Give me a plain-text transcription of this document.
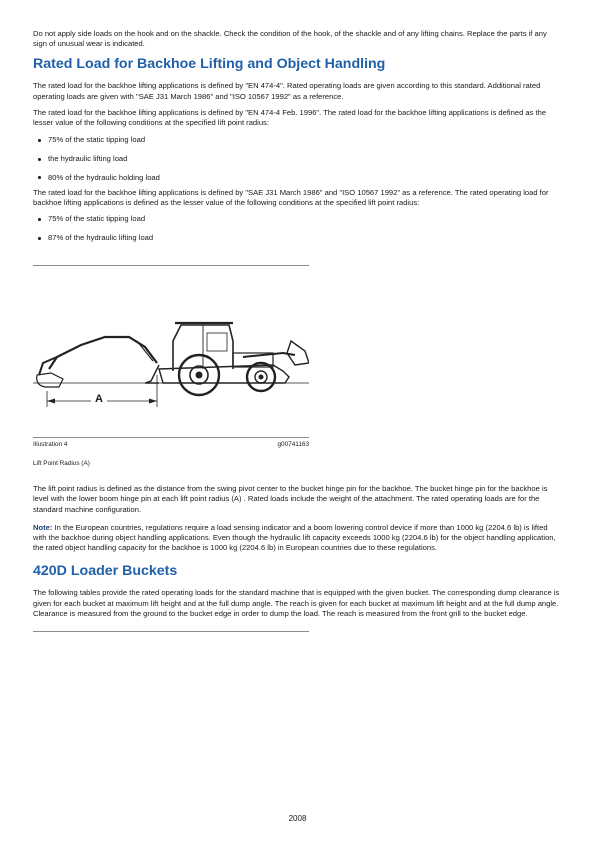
Do not apply side loads on the hook and on the shackle. Check the condition of the hook, of the shackle and of any lifting chains. Replace the parts if any sign of unusual wear is indicated.

Rated Load for Backhoe Lifting and Object Handling

The rated load for the backhoe lifting applications is defined by "EN 474-4". Rated operating loads are given according to this standard. Additional rated operating loads are given with "SAE J31 March 1986" and "ISO 10567 1992" as a reference.

The rated load for the backhoe lifting applications is defined by "EN 474-4 Feb. 1996". The rated load for the backhoe lifting applications is defined as the lesser value of the following conditions at the specified lift point radius:

75% of the static tipping load
the hydraulic lifting load
80% of the hydraulic holding load

The rated load for the backhoe lifting applications is defined by "SAE J31 March 1986" and "ISO 10567 1992" as a reference. The rated operating load for backhoe lifting applications is defined as the lesser value of the following conditions at the specified lift point radius:

75% of the static tipping load
87% of the hydraulic lifting load
A
Illustration 4	g00741163

Lift Point Radius (A)

The lift point radius is defined as the distance from the swing pivot center to the bucket hinge pin for the backhoe. The bucket hinge pin for the backhoe is level with the lower boom hinge pin at each lift point radius (A) . Rated loads include the weight of the attachment. The rated operating loads are for the standard machine configuration.

Note: In the European countries, regulations require a load sensing indicator and a boom lowering control device if more than 1000 kg (2204.6 lb) is lifted with the backhoe during object handling applications. Even though the hydraulic lift capacity exceeds 1000 kg (2204.6 lb) for the object handling application, the rated object handling capacity for the backhoe is 1000 kg (2204.6 lb) in European countries due to these regulations.

420D Loader Buckets

The following tables provide the rated operating loads for the standard machine that is equipped with the given bucket. The corresponding dump clearance is given for each bucket at maximum lift height and at the full dump angle. The reach is given for each bucket at maximum lift height and at the full dump angle. Clearance is measured from the ground to the bucket edge in order to dump the load. The reach is measured from the front grill to the bucket edge.

2008
